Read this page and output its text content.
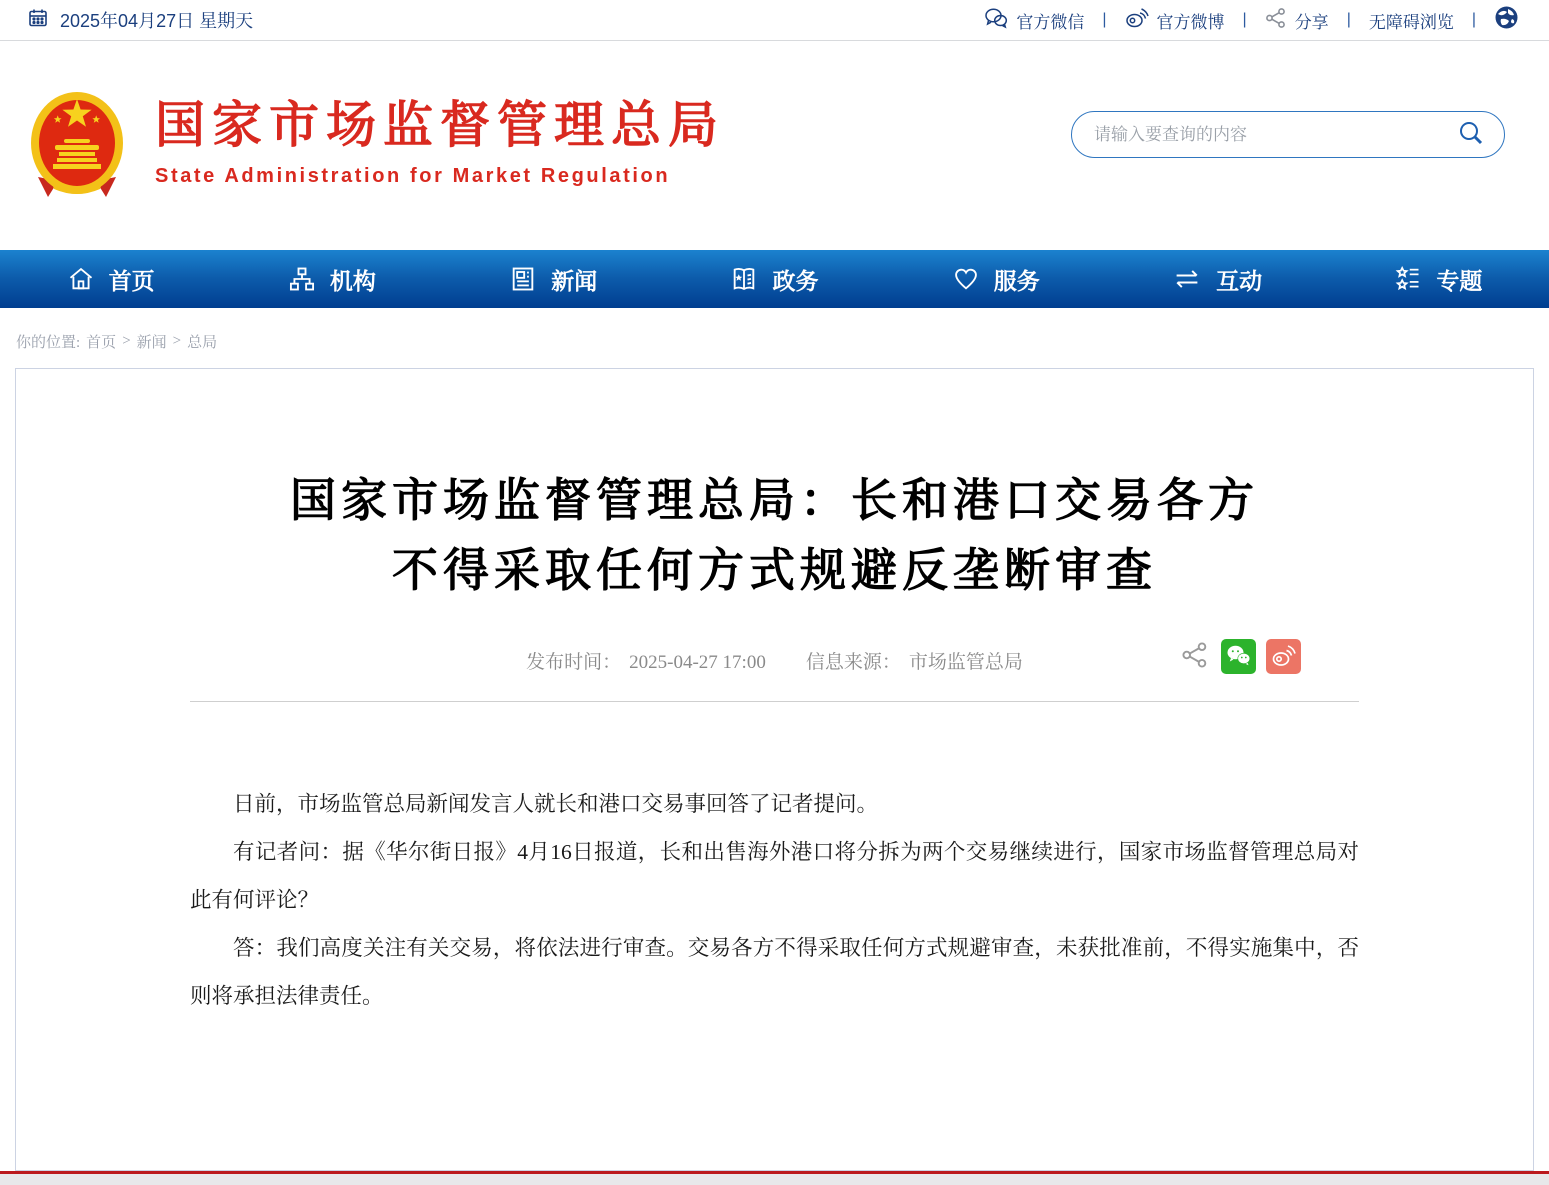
2025年04月27日 星期天	官方微信 |	官方微博 |	分享 | 无障碍浏览 |
国家市场监督管理总局
State Administration for Market Regulation
请输入要查询的内容
首页	机构	新闻	政务	服务	互动	专题
你的位置: 首页 > 新闻 > 总局
国家市场监督管理总局：长和港口交易各方
不得采取任何方式规避反垄断审查
发布时间： 2025-04-27 17:00 信息来源： 市场监管总局

日前，市场监管总局新闻发言人就长和港口交易事回答了记者提问。

有记者问：据《华尔街日报》4月16日报道，长和出售海外港口将分拆为两个交易继续进行，国家市场监督管理总局对此有何评论？

答：我们高度关注有关交易，将依法进行审查。交易各方不得采取任何方式规避审查，未获批准前，不得实施集中，否则将承担法律责任。
